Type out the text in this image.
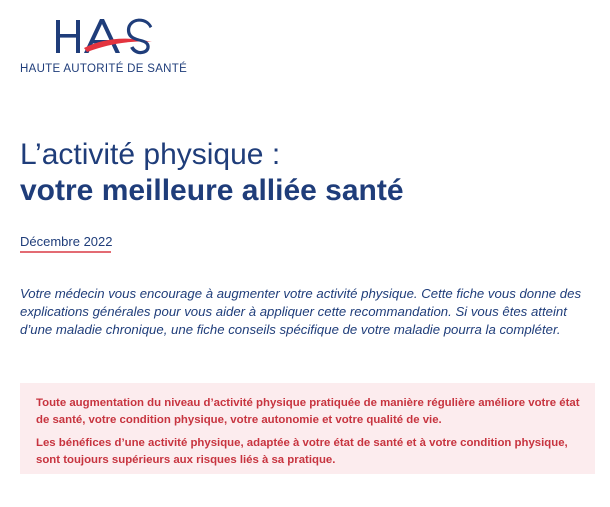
HAUTE AUTORITÉ DE SANTÉ
L’activité physique :
votre meilleure alliée santé
Décembre 2022
Votre médecin vous encourage à augmenter votre activité physique. Cette fiche vous donne des explications générales pour vous aider à appliquer cette recommandation. Si vous êtes atteint d’une maladie chronique, une fiche conseils spécifique de votre maladie pourra la compléter.

Toute augmentation du niveau d’activité physique pratiquée de manière régulière améliore votre état de santé, votre condition physique, votre autonomie et votre qualité de vie.

Les bénéfices d’une activité physique, adaptée à votre état de santé et à votre condition physique, sont toujours supérieurs aux risques liés à sa pratique.
